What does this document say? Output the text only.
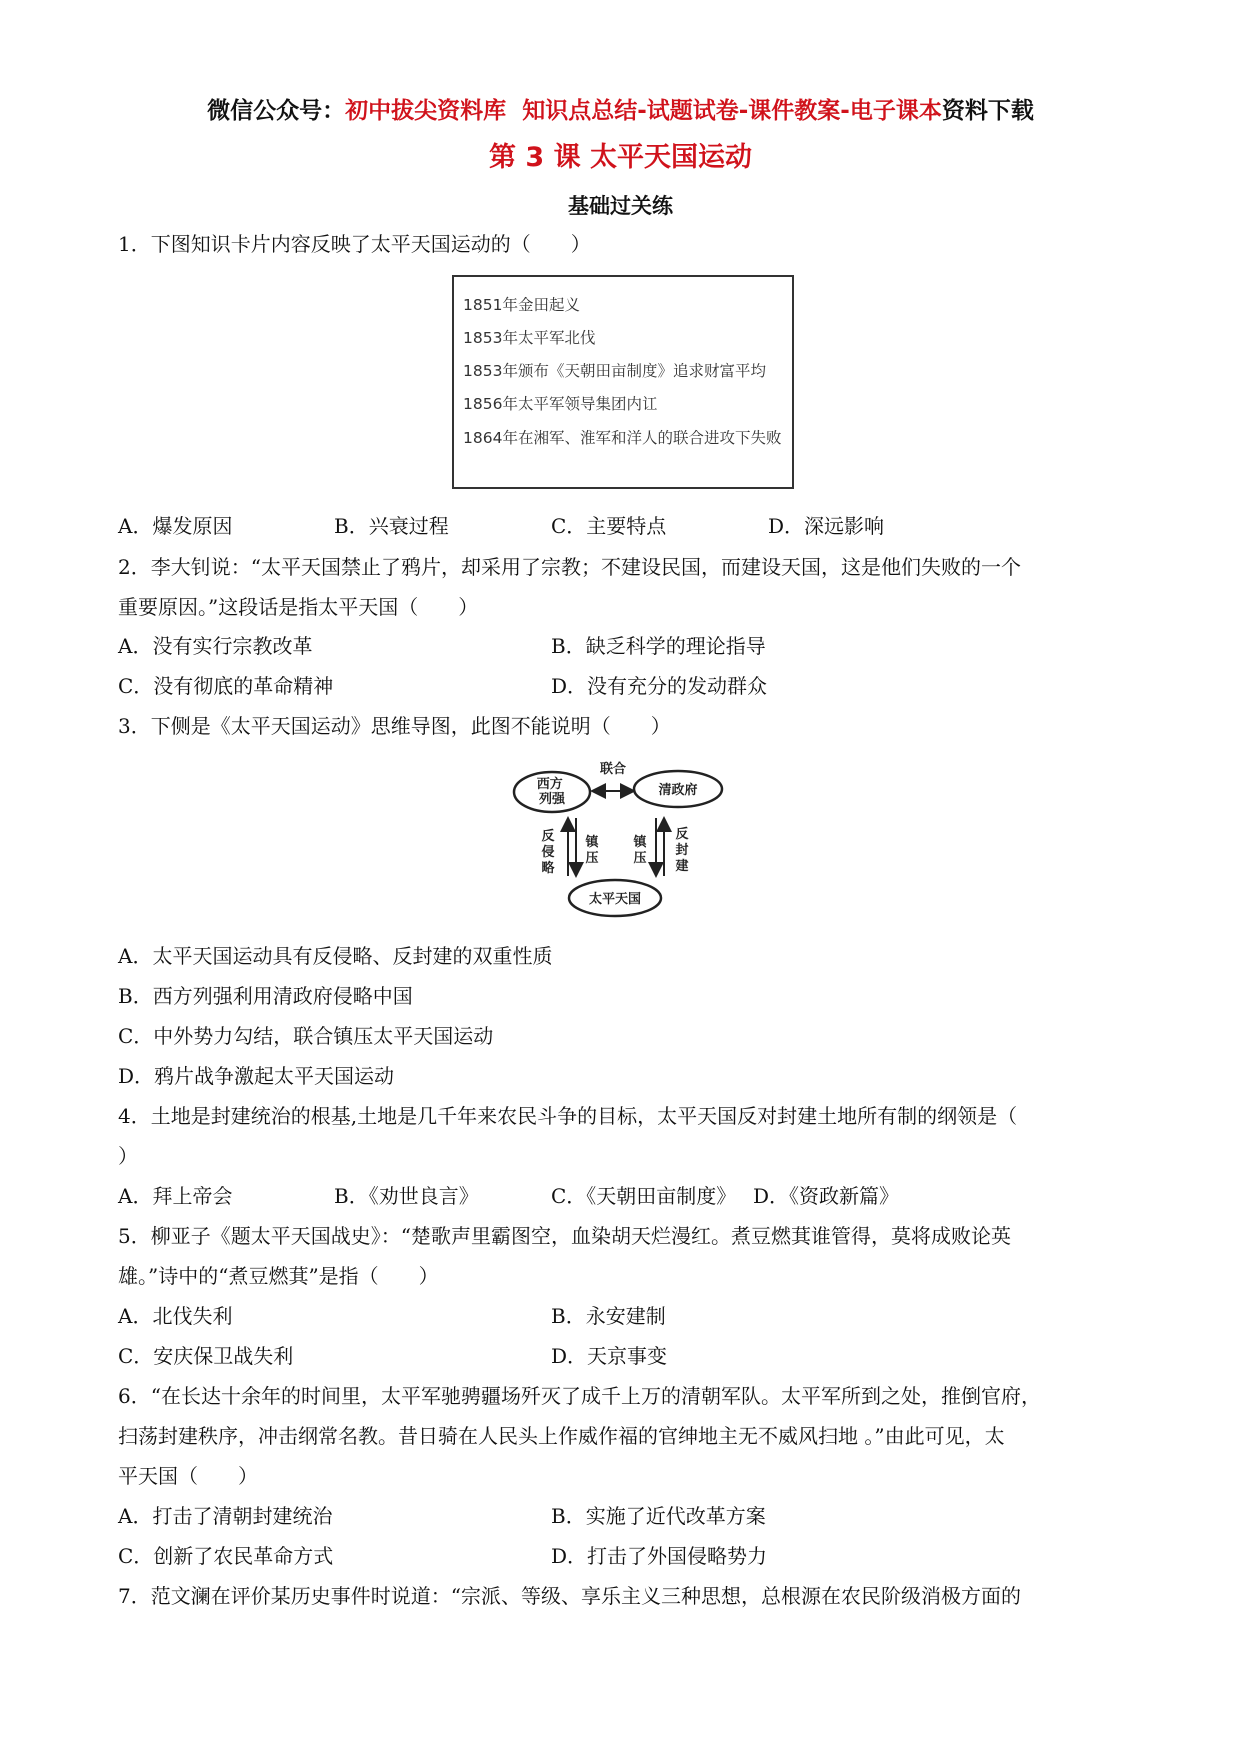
微信公众号：初中拔尖资料库 知识点总结-试题试卷-课件教案-电子课本资料下载
第 3 课 太平天国运动
基础过关练
1．下图知识卡片内容反映了太平天国运动的（　　）
1851年金田起义
1853年太平军北伐
1853年颁布《天朝田亩制度》追求财富平均
1856年太平军领导集团内讧
1864年在湘军、淮军和洋人的联合进攻下失败
A．爆发原因	B．兴衰过程	C．主要特点	D．深远影响
2．李大钊说：“太平天国禁止了鸦片，却采用了宗教；不建设民国，而建设天国，这是他们失败的一个
重要原因。”这段话是指太平天国（　　）
A．没有实行宗教改革	B．缺乏科学的理论指导
C．没有彻底的革命精神	D．没有充分的发动群众
3．下侧是《太平天国运动》思维导图，此图不能说明（　　）
西方 列强
清政府
太平天国
联合
反侵略
镇压
镇压
反封建
A．太平天国运动具有反侵略、反封建的双重性质
B．西方列强利用清政府侵略中国
C．中外势力勾结，联合镇压太平天国运动
D．鸦片战争激起太平天国运动
4．土地是封建统治的根基,土地是几千年来农民斗争的目标，太平天国反对封建土地所有制的纲领是（
）
A．拜上帝会	B．《劝世良言》	C．《天朝田亩制度》 D．《资政新篇》
5．柳亚子《题太平天国战史》：“楚歌声里霸图空，血染胡天烂漫红。煮豆燃萁谁管得，莫将成败论英
雄。”诗中的“煮豆燃萁”是指（　　）
A．北伐失利	B．永安建制
C．安庆保卫战失利	D．天京事变
6．“在长达十余年的时间里，太平军驰骋疆场歼灭了成千上万的清朝军队。太平军所到之处，推倒官府，
扫荡封建秩序，冲击纲常名教。昔日骑在人民头上作威作福的官绅地主无不威风扫地 。”由此可见，太
平天国（　　）
A．打击了清朝封建统治	B．实施了近代改革方案
C．创新了农民革命方式	D．打击了外国侵略势力
7．范文澜在评价某历史事件时说道：“宗派、等级、享乐主义三种思想，总根源在农民阶级消极方面的
